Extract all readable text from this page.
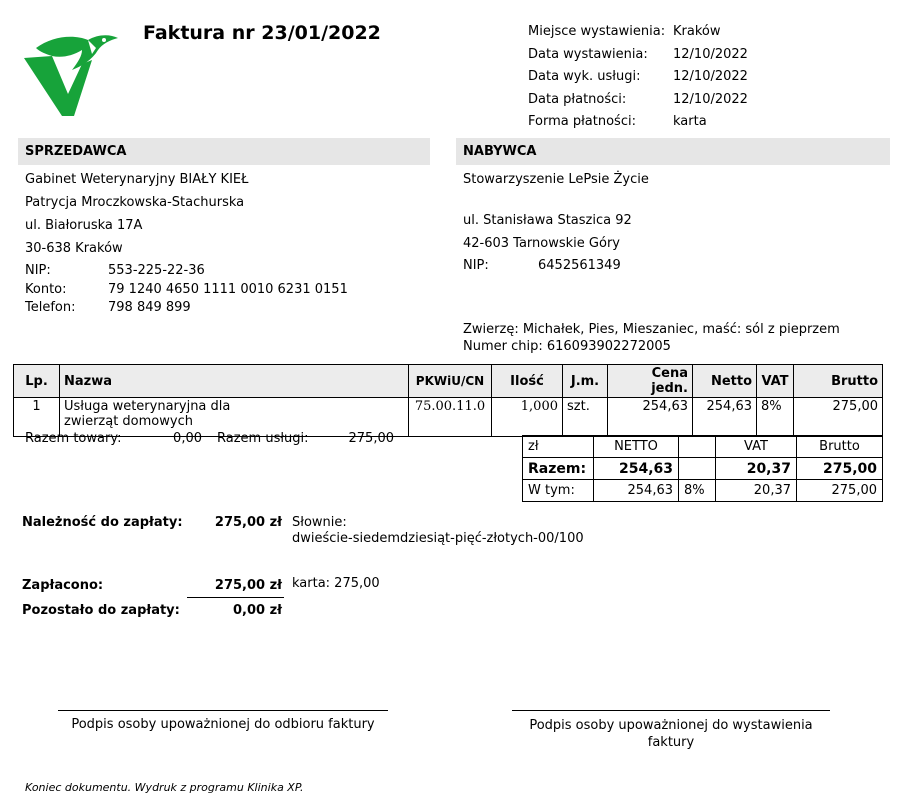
Faktura nr 23/01/2022	Miejsce wystawienia: Kraków
Data wystawienia:	12/10/2022
Data wyk. usługi:	12/10/2022
Data płatności:	12/10/2022
Forma płatności:	karta
SPRZEDAWCA
Gabinet Weterynaryjny BIAŁY KIEŁ
Patrycja Mroczkowska-Stachurska
ul. Białoruska 17A
30-638 Kraków
NIP:	553-225-22-36
Konto:	79 1240 4650 1111 0010 6231 0151
Telefon:	798 849 899
NABYWCA
Stowarzyszenie LePsie Życie
ul. Stanisława Staszica 92
42-603 Tarnowskie Góry
NIP:	6452561349
Zwierzę: Michałek, Pies, Mieszaniec, maść: sól z pieprzem
Numer chip: 616093902272005
Lp.	Nazwa	PKWiU/CN	Ilość	J.m.	Cena jedn.	Netto	VAT	Brutto
1	Usługa weterynaryjna dla
zwierząt domowych	75.00.11.0	1,000	szt.	254,63	254,63	8%	275,00
Razem towary:	0,00 Razem usługi:	275,00
zł	NETTO		VAT	Brutto
Razem:	254,63		20,37	275,00
W tym:	254,63	8%	20,37	275,00
Należność do zapłaty:	275,00 zł Słownie:
dwieście-siedemdziesiąt-pięć-złotych-00/100
Zapłacono:	275,00 zł karta: 275,00
Pozostało do zapłaty:	0,00 zł
Podpis osoby upoważnionej do odbioru faktury	Podpis osoby upoważnionej do wystawienia
faktury
Koniec dokumentu. Wydruk z programu Klinika XP.
